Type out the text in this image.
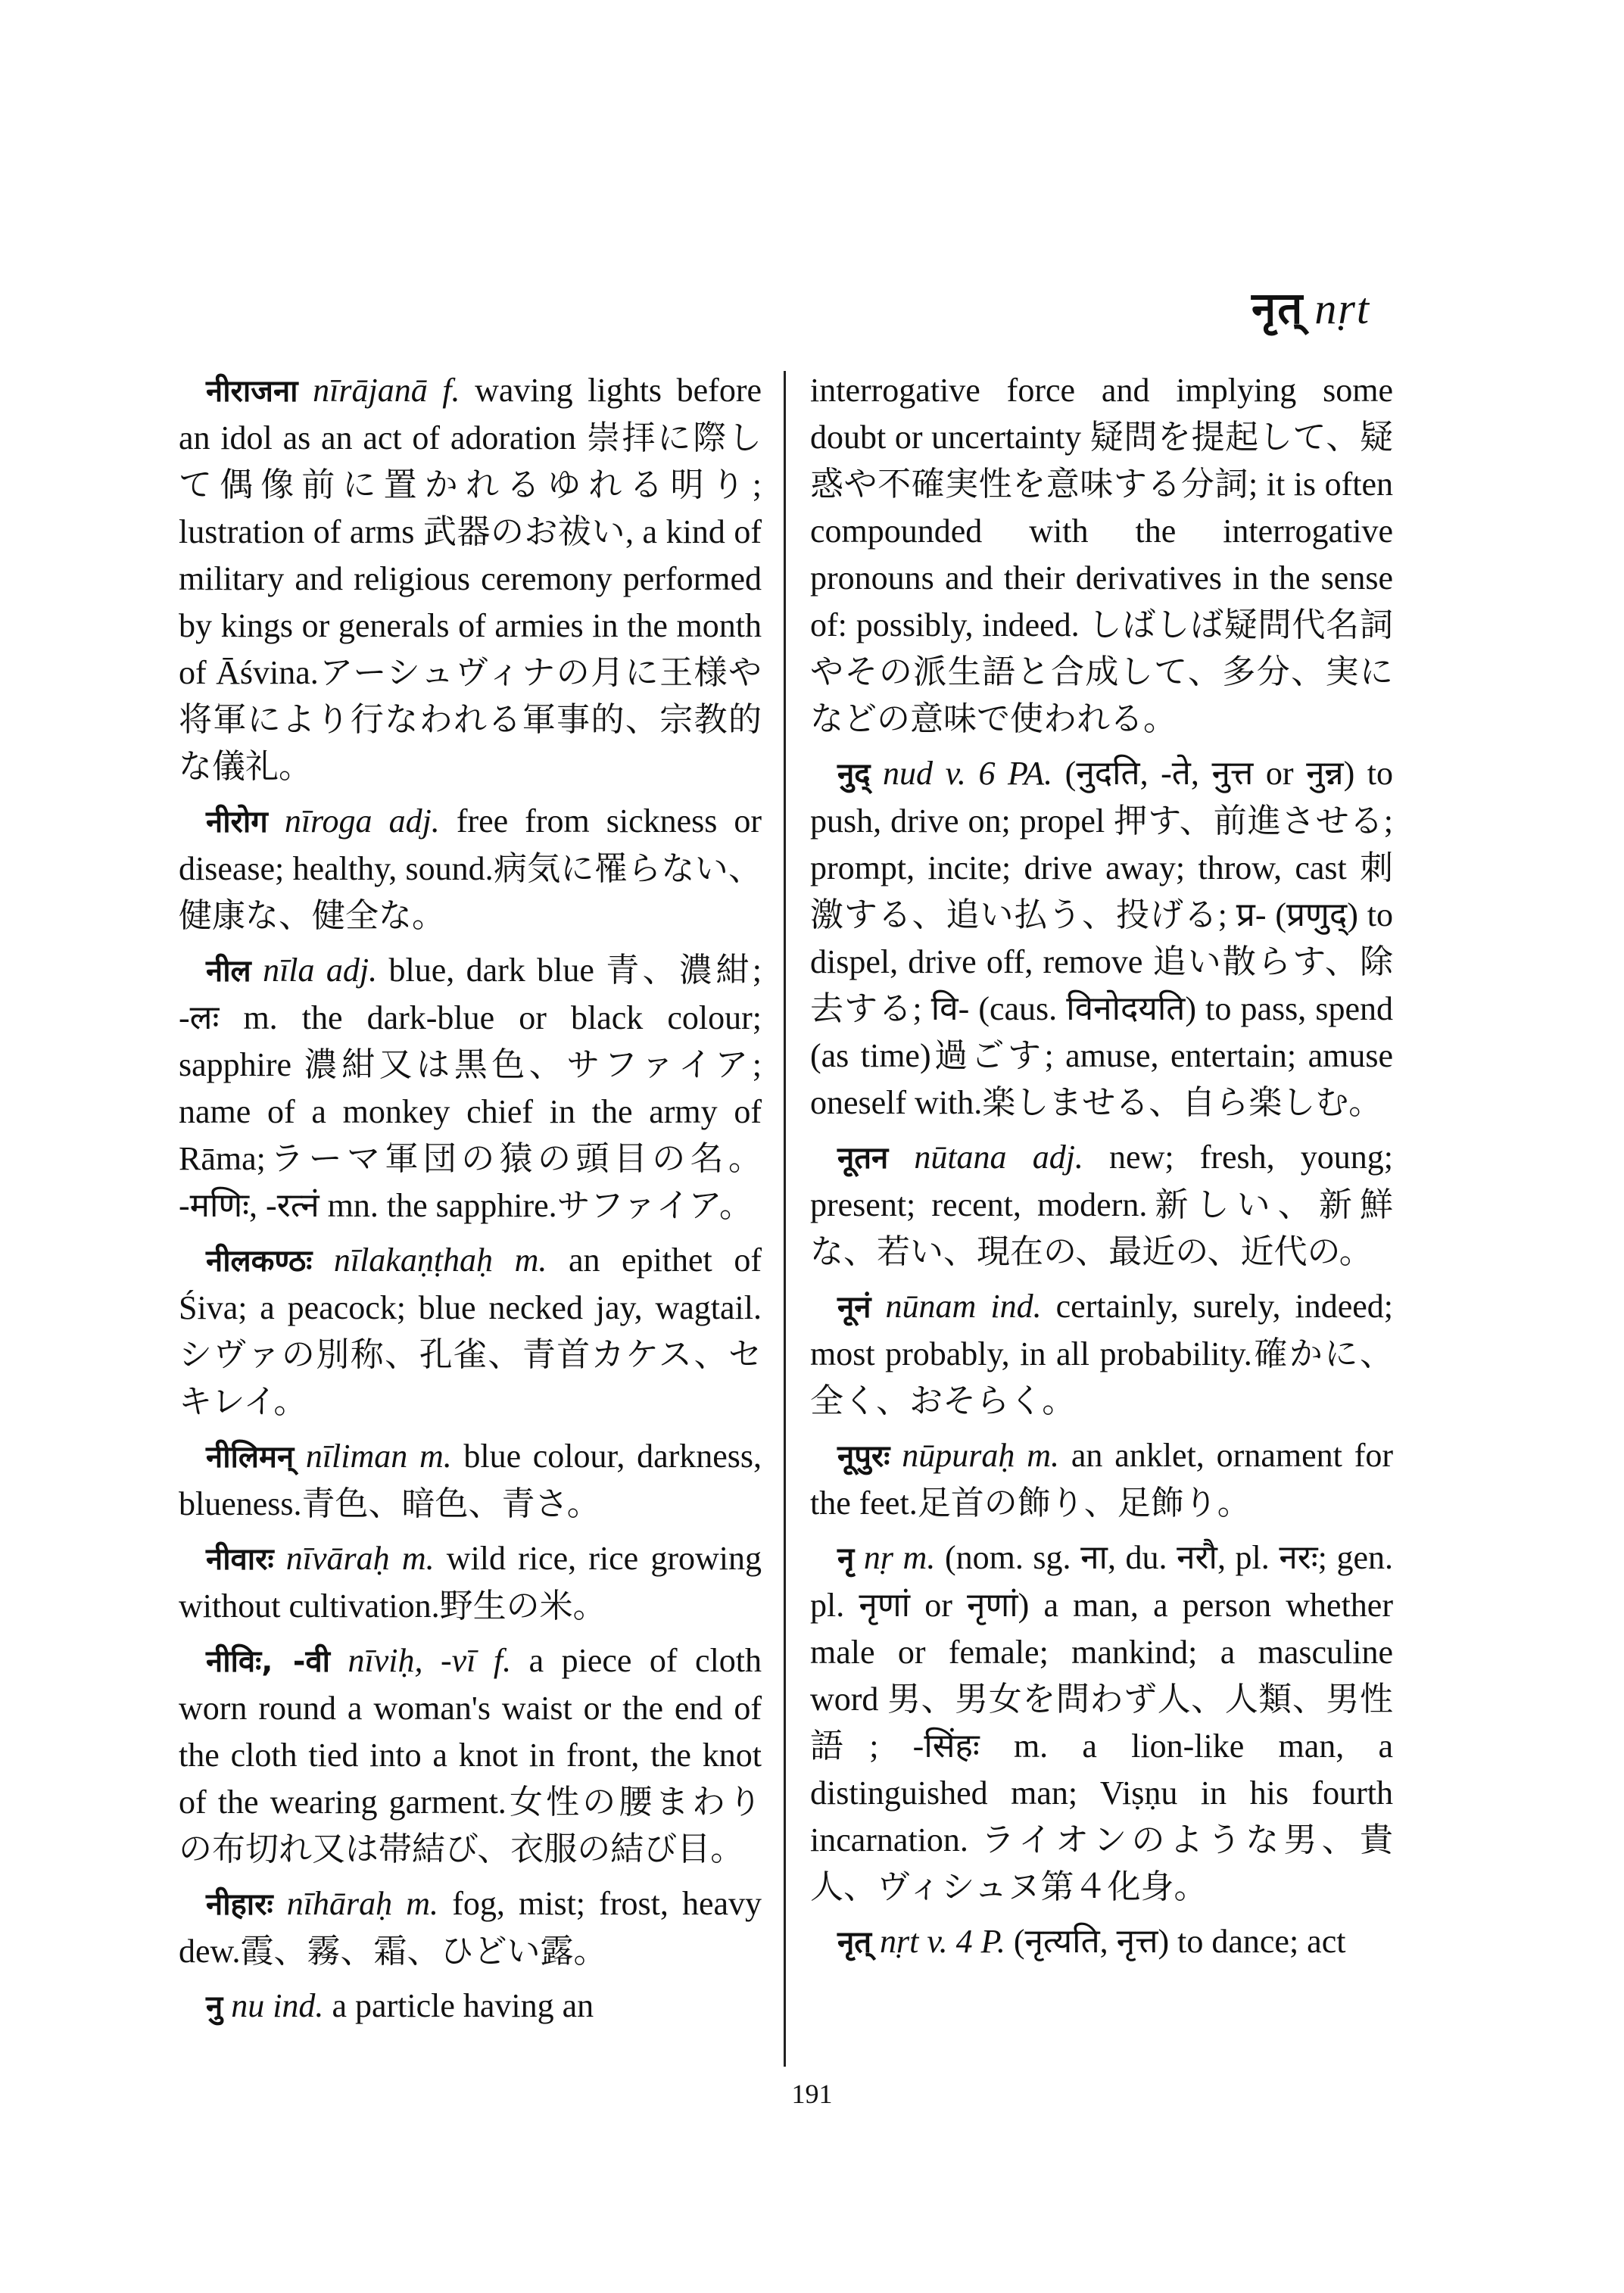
नृत् nṛt

नीराजना nīrājanā f. waving lights before an idol as an act of adoration 崇拝に際して偶像前に置かれるゆれる明り; lustration of arms 武器のお祓い, a kind of military and religious ceremony performed by kings or generals of armies in the month of Āśvina.アーシュヴィナの月に王様や将軍により行なわれる軍事的、宗教的な儀礼。

नीरोग nīroga adj. free from sickness or disease; healthy, sound.病気に罹らない、健康な、健全な。

नील nīla adj. blue, dark blue 青、濃紺; -लः m. the dark-blue or black colour; sapphire 濃紺又は黒色、サファイア; name of a monkey chief in the army of Rāma;ラーマ軍団の猿の頭目の名。 -मणिः, -रत्नं mn. the sapphire.サファイア。

नीलकण्ठः nīlakaṇṭhaḥ m. an epithet of Śiva; a peacock; blue necked jay, wagtail.シヴァの別称、孔雀、青首カケス、セキレイ。

नीलिमन् nīliman m. blue colour, darkness, blueness.青色、暗色、青さ。

नीवारः nīvāraḥ m. wild rice, rice growing without cultivation.野生の米。

नीविः, -वी nīviḥ, -vī f. a piece of cloth worn round a woman's waist or the end of the cloth tied into a knot in front, the knot of the wearing garment.女性の腰まわりの布切れ又は帯結び、衣服の結び目。

नीहारः nīhāraḥ m. fog, mist; frost, heavy dew.霞、霧、霜、ひどい露。

नु nu ind. a particle having an

interrogative force and implying some doubt or uncertainty 疑問を提起して、疑惑や不確実性を意味する分詞; it is often compounded with the interrogative pronouns and their derivatives in the sense of: possibly, indeed. しばしば疑問代名詞やその派生語と合成して、多分、実になどの意味で使われる。

नुद् nud v. 6 PA. (नुदति, -ते, नुत्त or नुन्न) to push, drive on; propel 押す、前進させる; prompt, incite; drive away; throw, cast 刺激する、追い払う、投げる; प्र- (प्रणुद्) to dispel, drive off, remove 追い散らす、除去する; वि- (caus. विनोदयति) to pass, spend (as time)過ごす; amuse, entertain; amuse oneself with.楽しませる、自ら楽しむ。

नूतन nūtana adj. new; fresh, young; present; recent, modern.新しい、新鮮な、若い、現在の、最近の、近代の。

नूनं nūnam ind. certainly, surely, indeed; most probably, in all probability.確かに、全く、おそらく。

नूपुरः nūpuraḥ m. an anklet, ornament for the feet.足首の飾り、足飾り。

नृ nṛ m. (nom. sg. ना, du. नरौ, pl. नरः; gen. pl. नृणां or नृणां) a man, a person whether male or female; mankind; a masculine word 男、男女を問わず人、人類、男性語; -सिंहः m. a lion-like man, a distinguished man; Viṣṇu in his fourth incarnation. ライオンのような男、貴人、ヴィシュヌ第４化身。

नृत् nṛt v. 4 P. (नृत्यति, नृत्त) to dance; act

191
